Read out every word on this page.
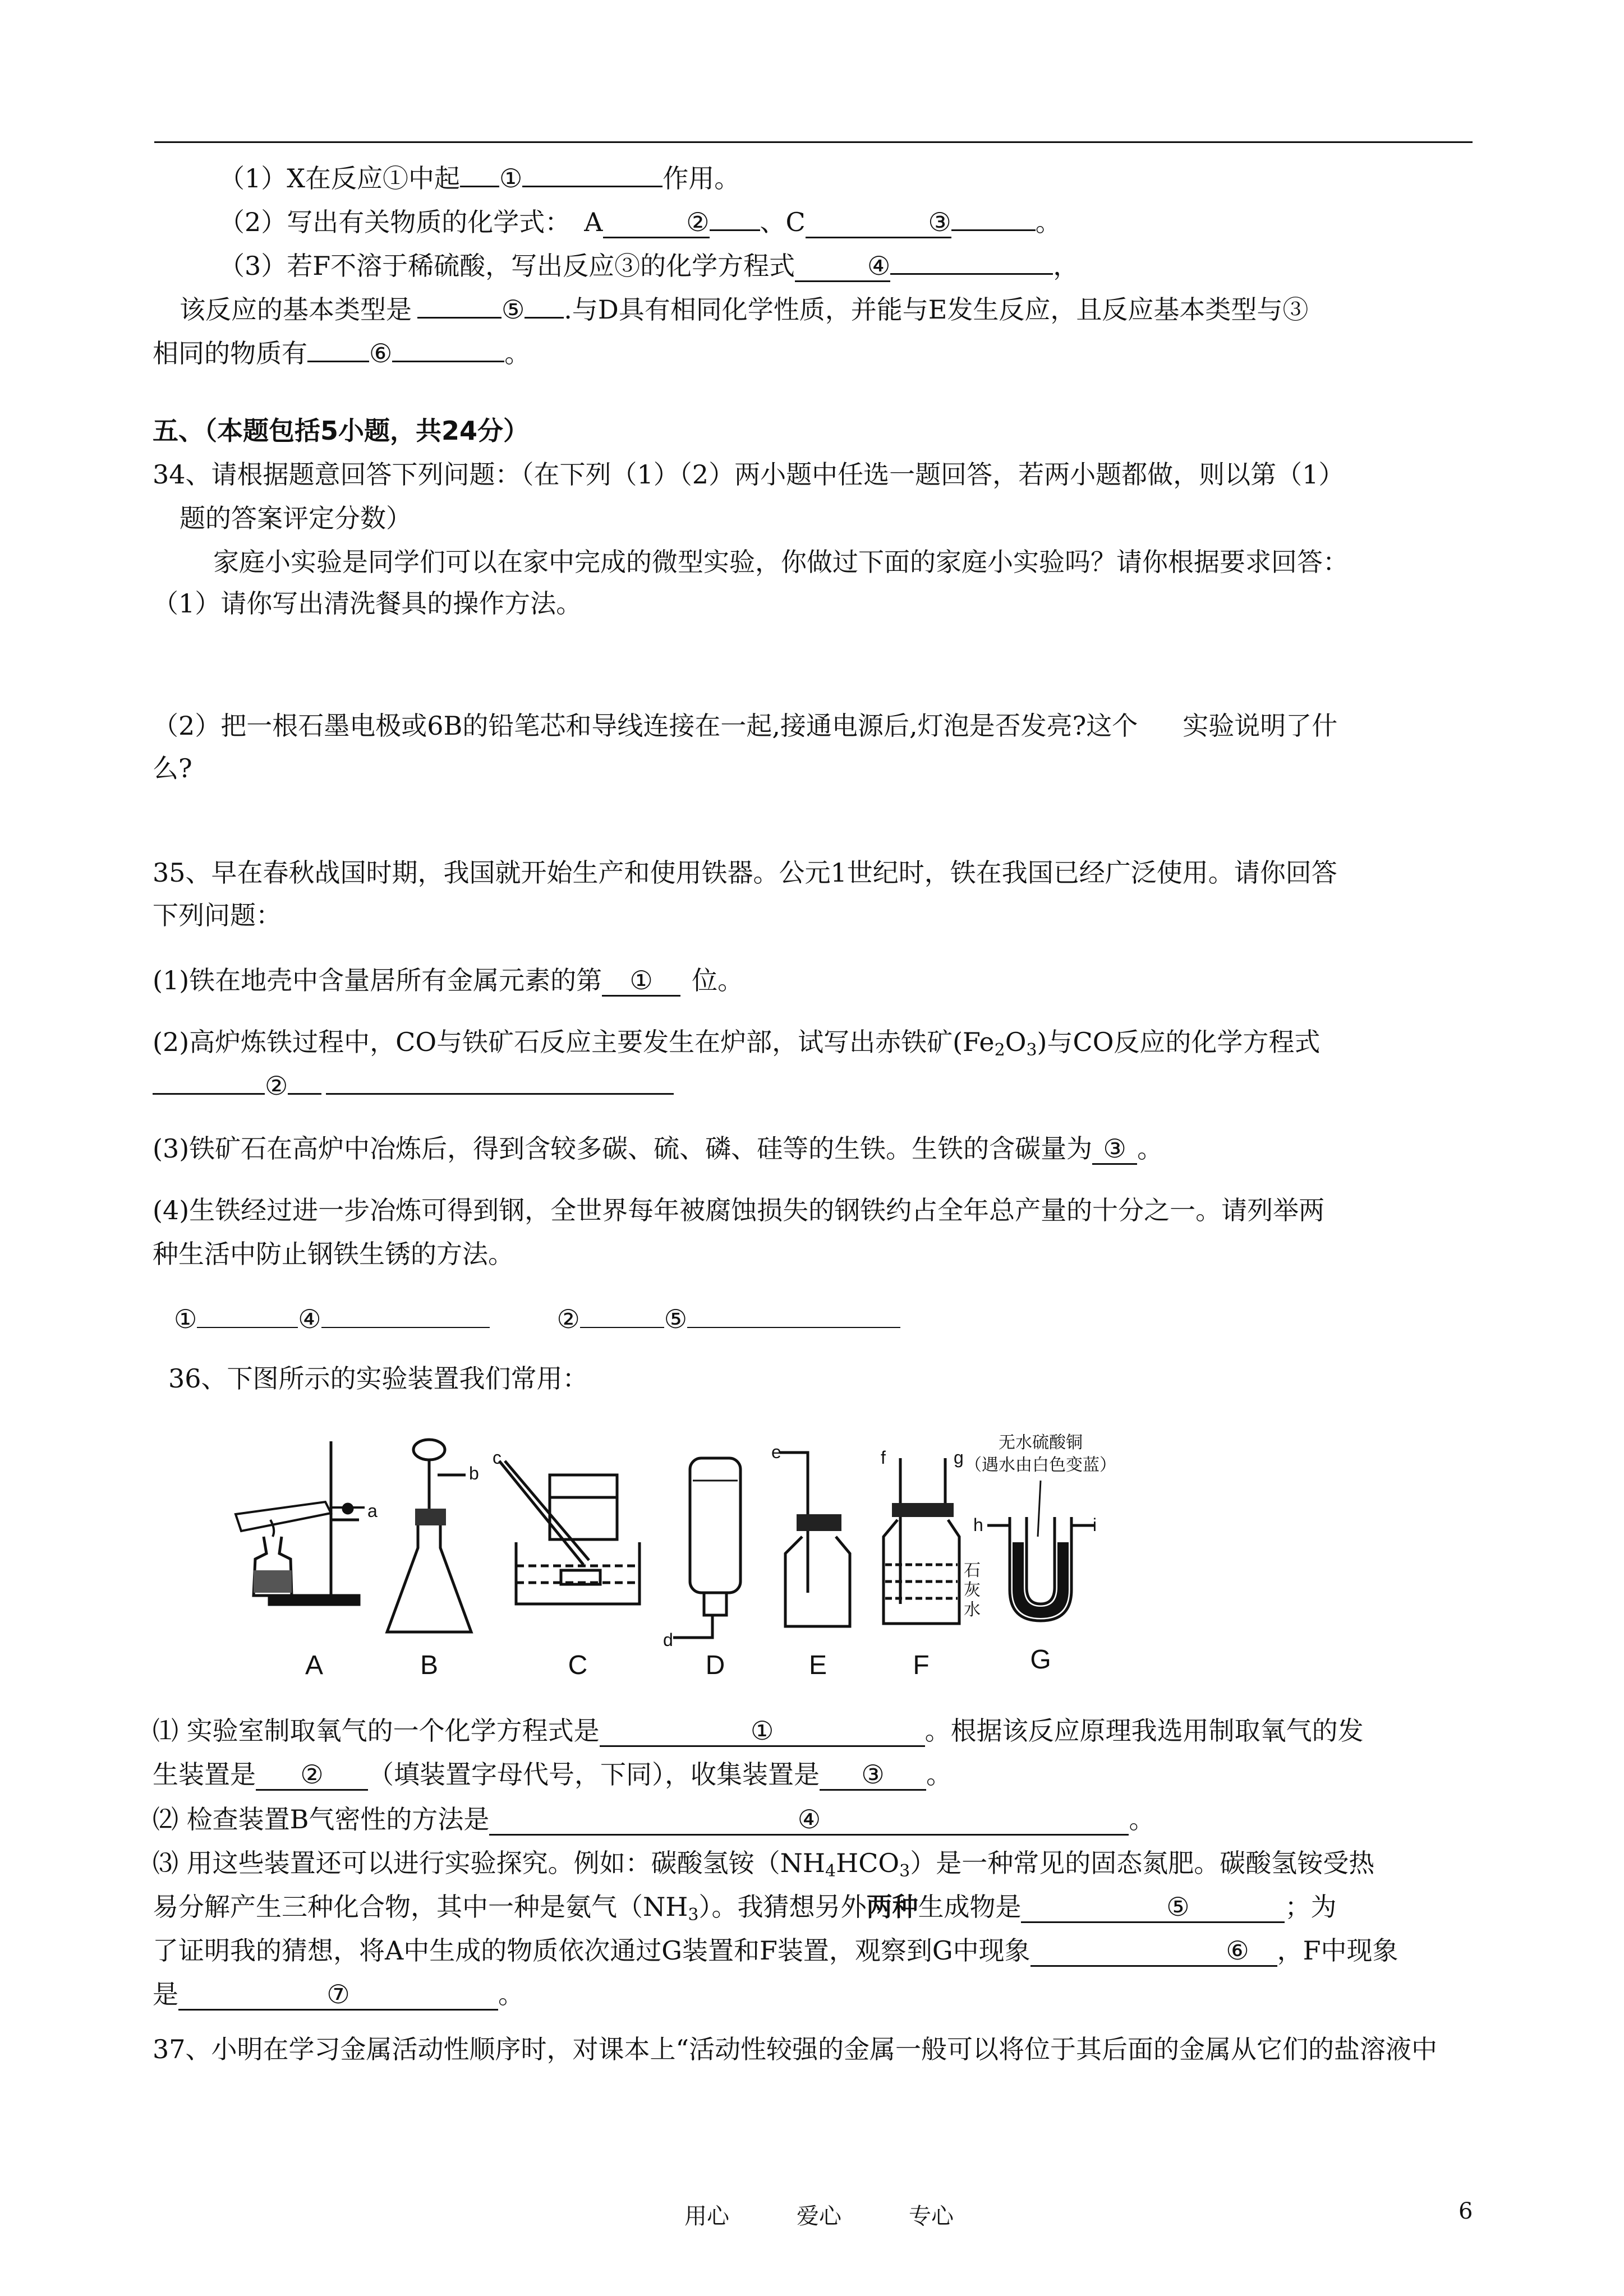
（1）X在反应①中起 ①	作用。
（2）写出有关物质的化学式： A	② 、C	③	。
（3）若F不溶于稀硫酸，写出反应③的化学方程式	④	，
该反应的基本类型是	⑤ .与D具有相同化学性质，并能与E发生反应，且反应基本类型与③
相同的物质有 ⑥	。
五、（本题包括5小题，共24分）
34、请根据题意回答下列问题：（在下列（1）（2）两小题中任选一题回答，若两小题都做，则以第（1）
题的答案评定分数）
家庭小实验是同学们可以在家中完成的微型实验，你做过下面的家庭小实验吗？请你根据要求回答：
（1）请你写出清洗餐具的操作方法。
（2）把一根石墨电极或6B的铅笔芯和导线连接在一起,接通电源后,灯泡是否发亮?这个 实验说明了什
么?
35、早在春秋战国时期，我国就开始生产和使用铁器。公元1世纪时，铁在我国已经广泛使用。请你回答
下列问题：
(1)铁在地壳中含量居所有金属元素的第 ① 位。
(2)高炉炼铁过程中，CO与铁矿石反应主要发生在炉部，试写出赤铁矿$(Fe_2O_3)$与CO反应的化学方程式
②
(3)铁矿石在高炉中冶炼后，得到含较多碳、硫、磷、硅等的生铁。生铁的含碳量为 ③ 。
(4)生铁经过进一步冶炼可得到钢，全世界每年被腐蚀损失的钢铁约占全年总产量的十分之一。请列举两
种生活中防止钢铁生锈的方法。
①	④	②	⑤
36、下图所示的实验装置我们常用：
a
b
c
d
e	f	g
h	i
石
灰
水
无水硫酸铜
（遇水由白色变蓝）
A	B	C	D	E	F	G
⑴ 实验室制取氧气的一个化学方程式是	①	。根据该反应原理我选用制取氧气的发
生装置是 ② （填装置字母代号，下同），收集装置是 ③ 。
⑵ 检查装置B气密性的方法是	④	。
⑶ 用这些装置还可以进行实验探究。例如：碳酸氢铵$(NH_4HCO_3)$是一种常见的固态氮肥。碳酸氢铵受热
易分解产生三种化合物，其中一种是氨气$(NH_3)$。我猜想另外两种生成物是	⑤	；为
了证明我的猜想，将A中生成的物质依次通过G装置和F装置，观察到G中现象	⑥ ，F中现象
是	⑦	。
37、小明在学习金属活动性顺序时，对课本上“活动性较强的金属一般可以将位于其后面的金属从它们的盐溶液中
用心	爱心	专心	6
